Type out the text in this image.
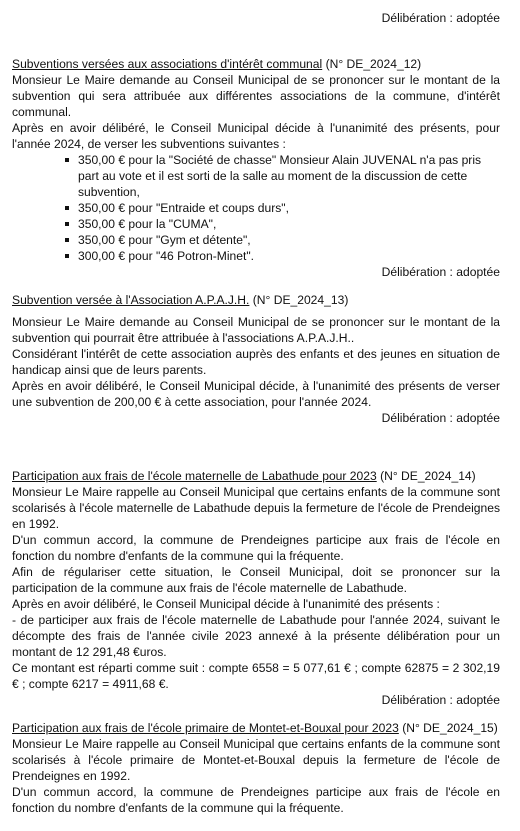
Délibération : adoptée
Subventions versées aux associations d'intérêt communal (N° DE_2024_12)
Monsieur Le Maire demande au Conseil Municipal de se prononcer sur le montant de la subvention qui sera attribuée aux différentes associations de la commune, d'intérêt communal.
Après en avoir délibéré, le Conseil Municipal décide à l'unanimité des présents, pour l'année 2024, de verser les subventions suivantes :
350,00 € pour la "Société de chasse" Monsieur Alain JUVENAL n'a pas pris part au vote et il est sorti de la salle au moment de la discussion de cette subvention,
350,00 € pour "Entraide et coups durs",
350,00 € pour la "CUMA",
350,00 € pour "Gym et détente",
300,00 € pour "46 Potron-Minet".
Délibération : adoptée
Subvention versée à l'Association A.P.A.J.H. (N° DE_2024_13)
Monsieur Le Maire demande au Conseil Municipal de se prononcer sur le montant de la subvention qui pourrait être attribuée à l'associations A.P.A.J.H..
Considérant l'intérêt de cette association auprès des enfants et des jeunes en situation de handicap ainsi que de leurs parents.
Après en avoir délibéré, le Conseil Municipal décide, à l'unanimité des présents de verser une subvention de 200,00 € à cette association, pour l'année 2024.
Délibération : adoptée
Participation aux frais de l'école maternelle de Labathude pour 2023 (N° DE_2024_14)
Monsieur Le Maire rappelle au Conseil Municipal que certains enfants de la commune sont scolarisés à l'école maternelle de Labathude depuis la fermeture de l'école de Prendeignes en 1992.
D'un commun accord, la commune de Prendeignes participe aux frais de l'école en fonction du nombre d'enfants de la commune qui la fréquente.
Afin de régulariser cette situation, le Conseil Municipal, doit se prononcer sur la participation de la commune aux frais de l'école maternelle de Labathude.
Après en avoir délibéré, le Conseil Municipal décide à l'unanimité des présents :
- de participer aux frais de l'école maternelle de Labathude pour l'année 2024, suivant le décompte des frais de l'année civile 2023 annexé à la présente délibération pour un montant de 12 291,48 €uros.
Ce montant est réparti comme suit : compte 6558 = 5 077,61 € ; compte 62875 = 2 302,19 € ; compte 6217 = 4911,68 €.
Délibération : adoptée
Participation aux frais de l'école primaire de Montet-et-Bouxal pour 2023 (N° DE_2024_15)
Monsieur Le Maire rappelle au Conseil Municipal que certains enfants de la commune sont scolarisés à l'école primaire de Montet-et-Bouxal depuis la fermeture de l'école de Prendeignes en 1992.
D'un commun accord, la commune de Prendeignes participe aux frais de l'école en fonction du nombre d'enfants de la commune qui la fréquente.
